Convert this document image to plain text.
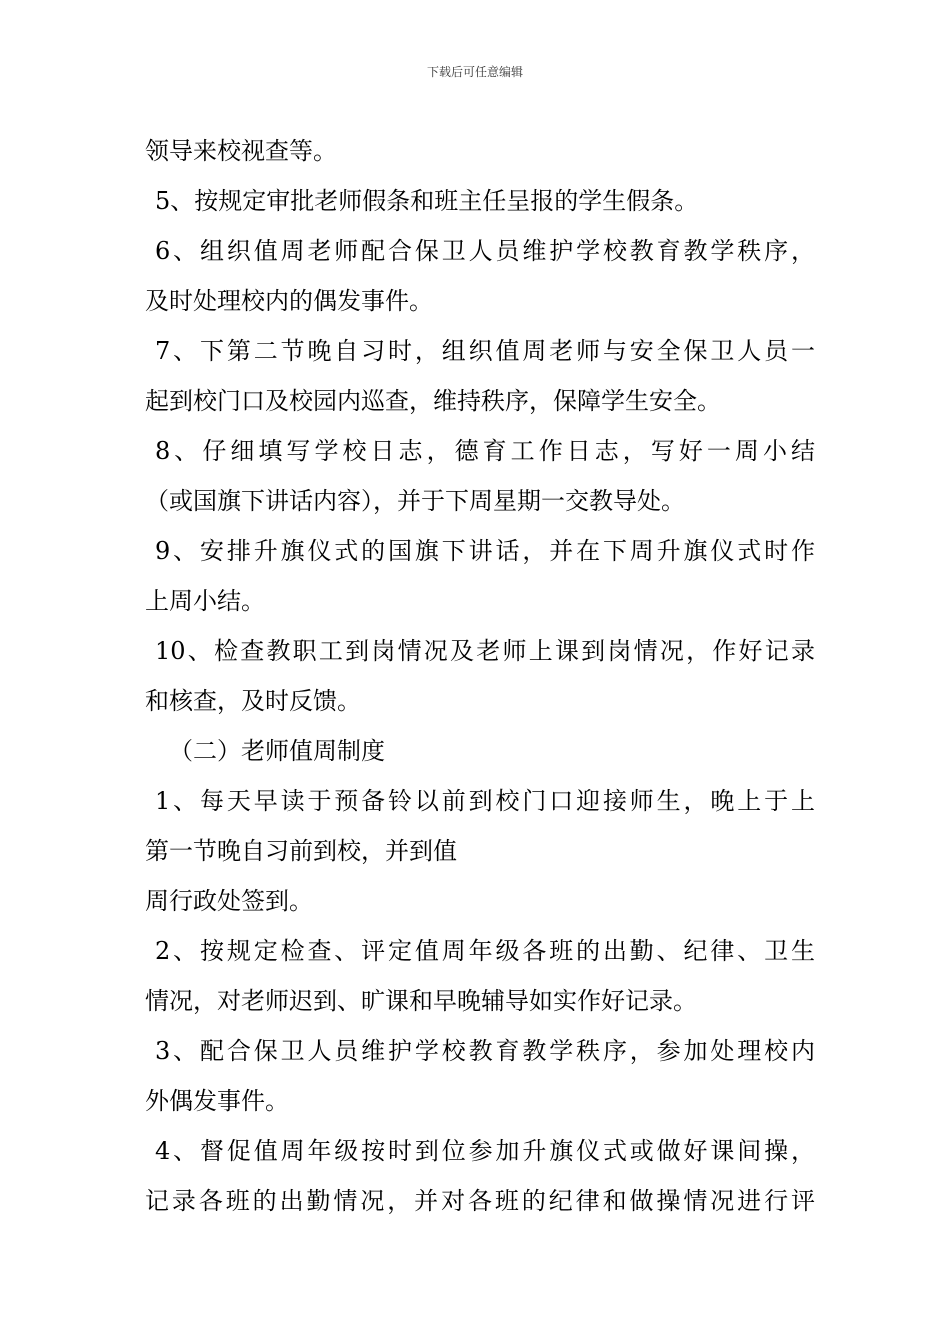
下载后可任意编辑
领导来校视查等。
5、按规定审批老师假条和班主任呈报的学生假条。
6、组织值周老师配合保卫人员维护学校教育教学秩序，
及时处理校内的偶发事件。
7、下第二节晚自习时，组织值周老师与安全保卫人员一
起到校门口及校园内巡查，维持秩序，保障学生安全。
8、仔细填写学校日志，德育工作日志，写好一周小结
（或国旗下讲话内容），并于下周星期一交教导处。
9、安排升旗仪式的国旗下讲话，并在下周升旗仪式时作
上周小结。
10、检查教职工到岗情况及老师上课到岗情况，作好记录
和核查，及时反馈。
（二）老师值周制度
1、每天早读于预备铃以前到校门口迎接师生，晚上于上
第一节晚自习前到校，并到值
周行政处签到。
2、按规定检查、评定值周年级各班的出勤、纪律、卫生
情况，对老师迟到、旷课和早晚辅导如实作好记录。
3、配合保卫人员维护学校教育教学秩序，参加处理校内
外偶发事件。
4、督促值周年级按时到位参加升旗仪式或做好课间操，
记录各班的出勤情况，并对各班的纪律和做操情况进行评
